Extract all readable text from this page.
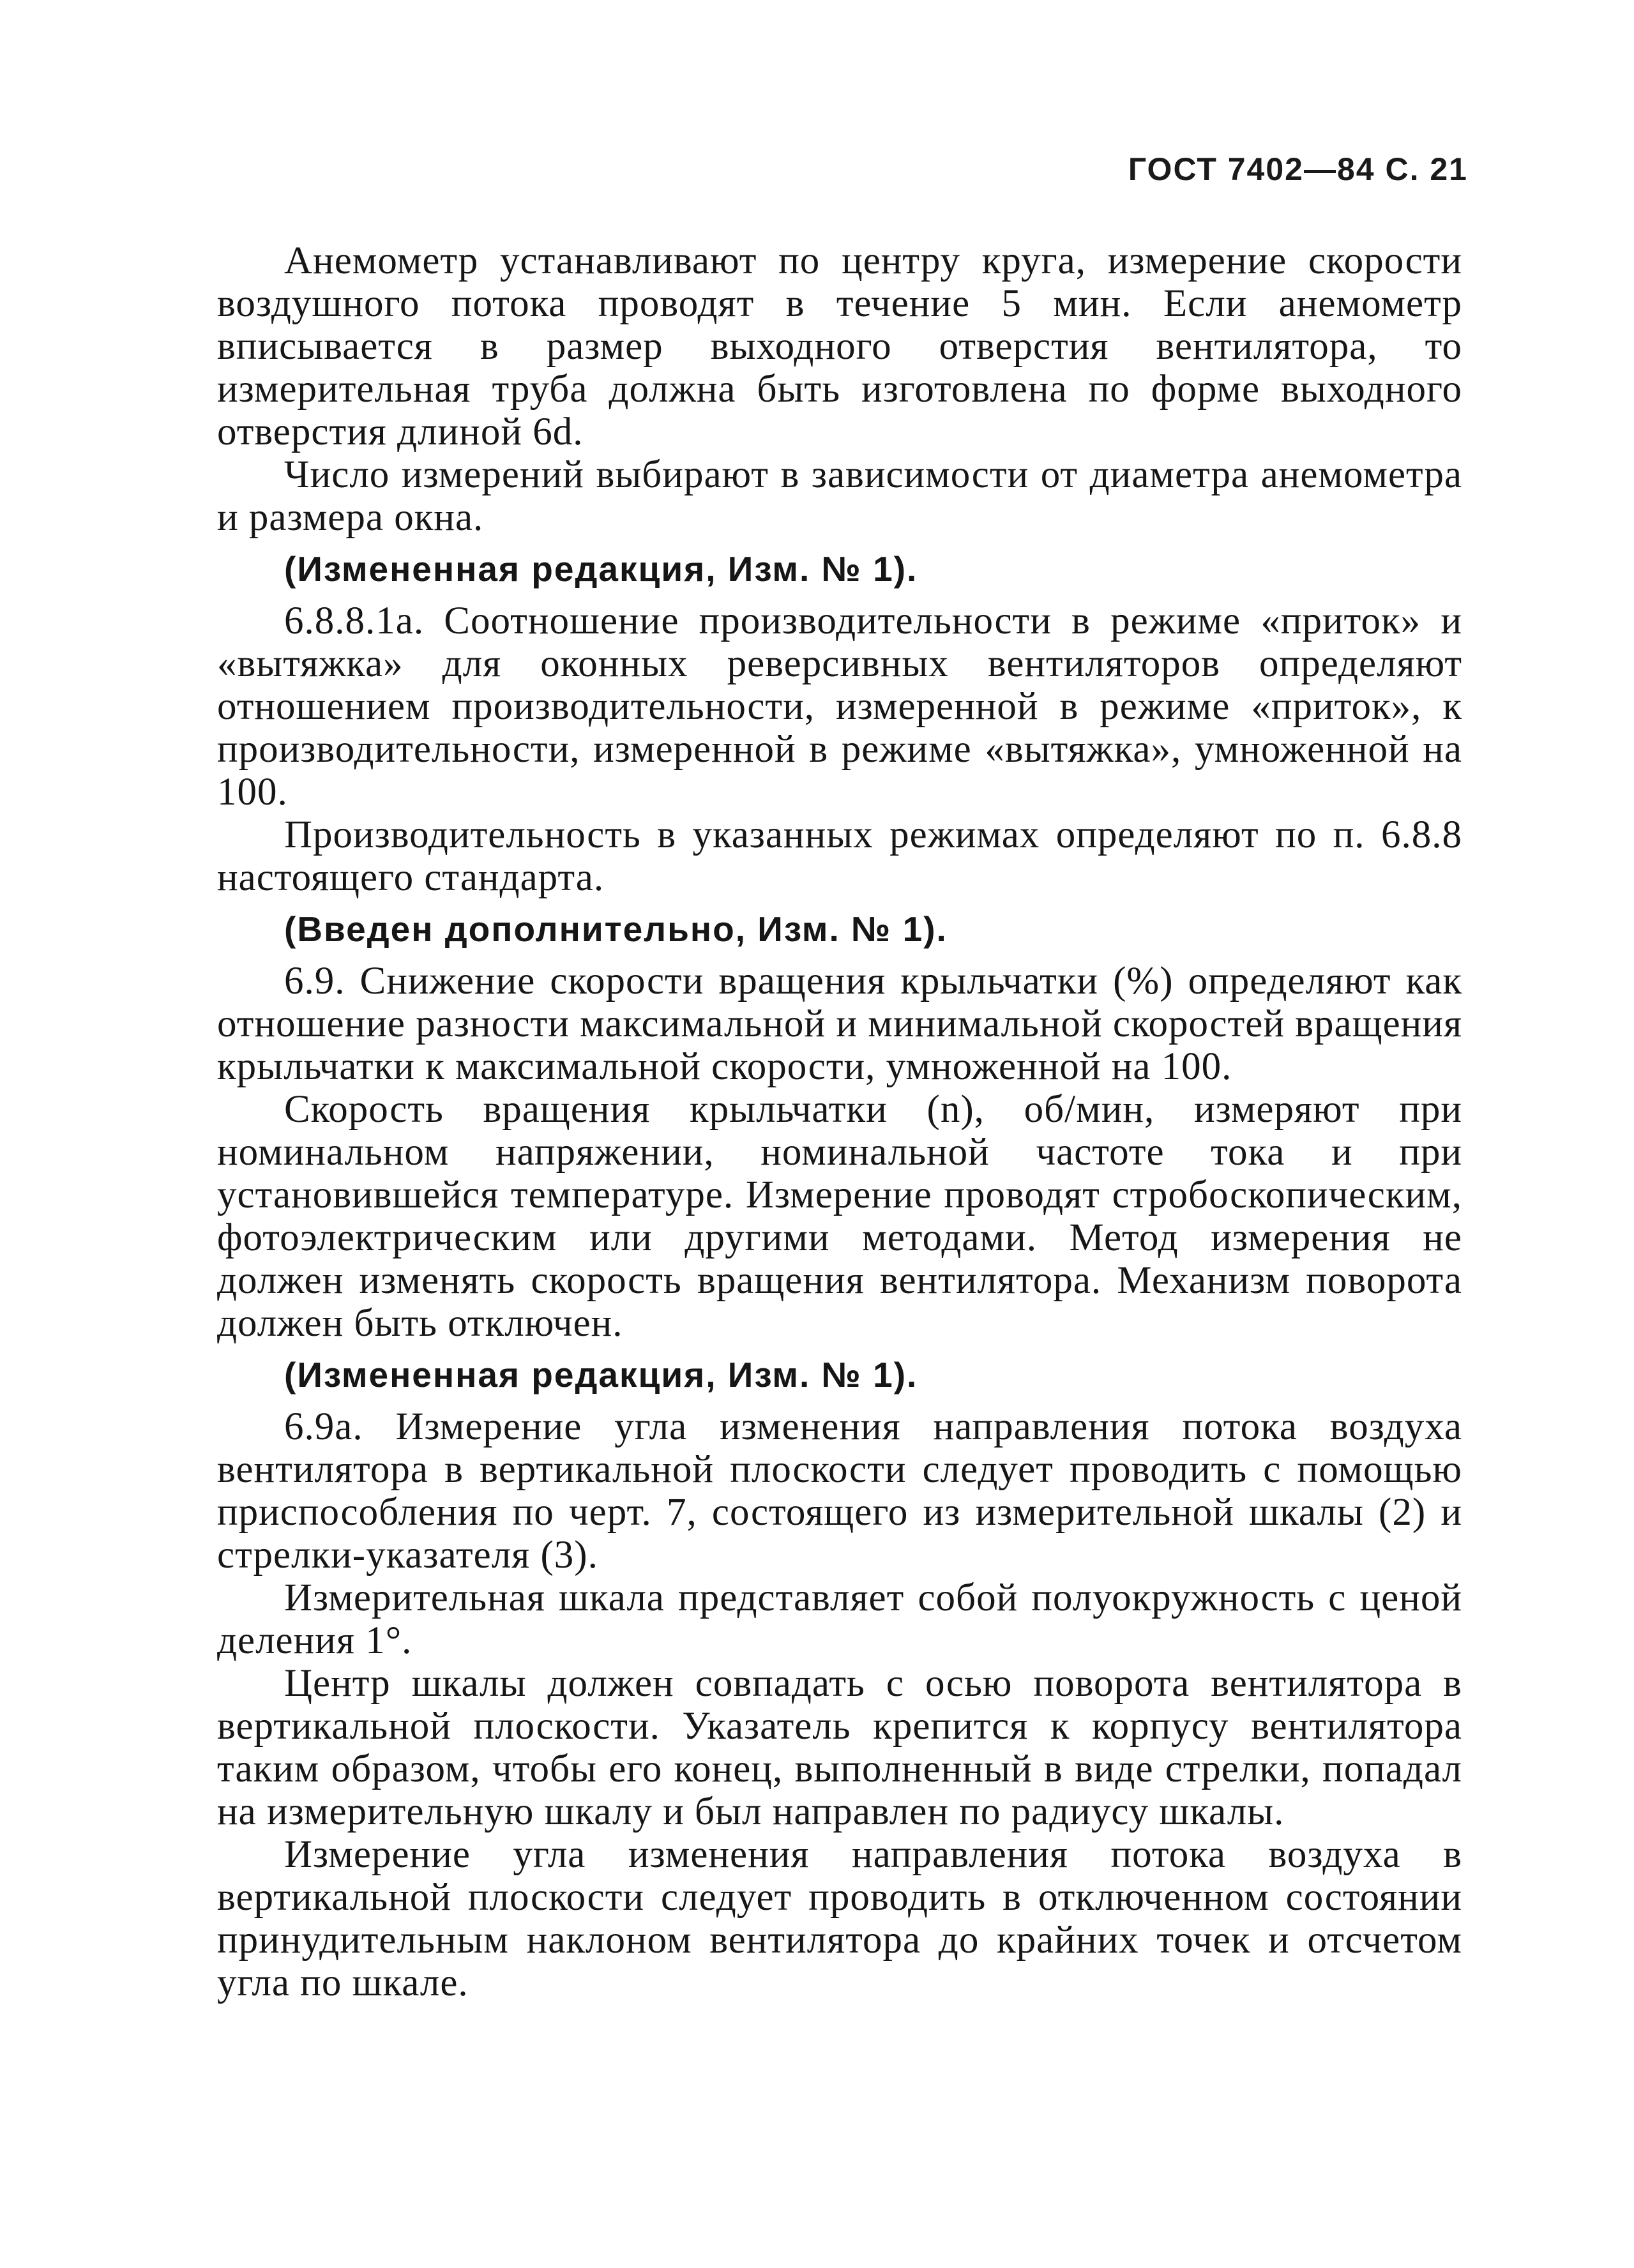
ГОСТ 7402—84 С. 21

Анемометр устанавливают по центру круга, измерение скорости воздушного потока проводят в течение 5 мин. Если анемометр вписывается в размер выходного отверстия вентилятора, то измерительная труба должна быть изготовлена по форме выходного отверстия длиной 6d.

Число измерений выбирают в зависимости от диаметра анемометра и размера окна.

(Измененная редакция, Изм. № 1).

6.8.8.1а. Соотношение производительности в режиме «приток» и «вытяжка» для оконных реверсивных вентиляторов определяют отношением производительности, измеренной в режиме «приток», к производительности, измеренной в режиме «вытяжка», умноженной на 100.

Производительность в указанных режимах определяют по п. 6.8.8 настоящего стандарта.

(Введен дополнительно, Изм. № 1).

6.9. Снижение скорости вращения крыльчатки (%) определяют как отношение разности максимальной и минимальной скоростей вращения крыльчатки к максимальной скорости, умноженной на 100.

Скорость вращения крыльчатки (n), об/мин, измеряют при номинальном напряжении, номинальной частоте тока и при установившейся температуре. Измерение проводят стробоскопическим, фотоэлектрическим или другими методами. Метод измерения не должен изменять скорость вращения вентилятора. Механизм поворота должен быть отключен.

(Измененная редакция, Изм. № 1).

6.9а. Измерение угла изменения направления потока воздуха вентилятора в вертикальной плоскости следует проводить с помощью приспособления по черт. 7, состоящего из измерительной шкалы (2) и стрелки-указателя (3).

Измерительная шкала представляет собой полуокружность с ценой деления 1°.

Центр шкалы должен совпадать с осью поворота вентилятора в вертикальной плоскости. Указатель крепится к корпусу вентилятора таким образом, чтобы его конец, выполненный в виде стрелки, попадал на измерительную шкалу и был направлен по радиусу шкалы.

Измерение угла изменения направления потока воздуха в вертикальной плоскости следует проводить в отключенном состоянии принудительным наклоном вентилятора до крайних точек и отсчетом угла по шкале.
